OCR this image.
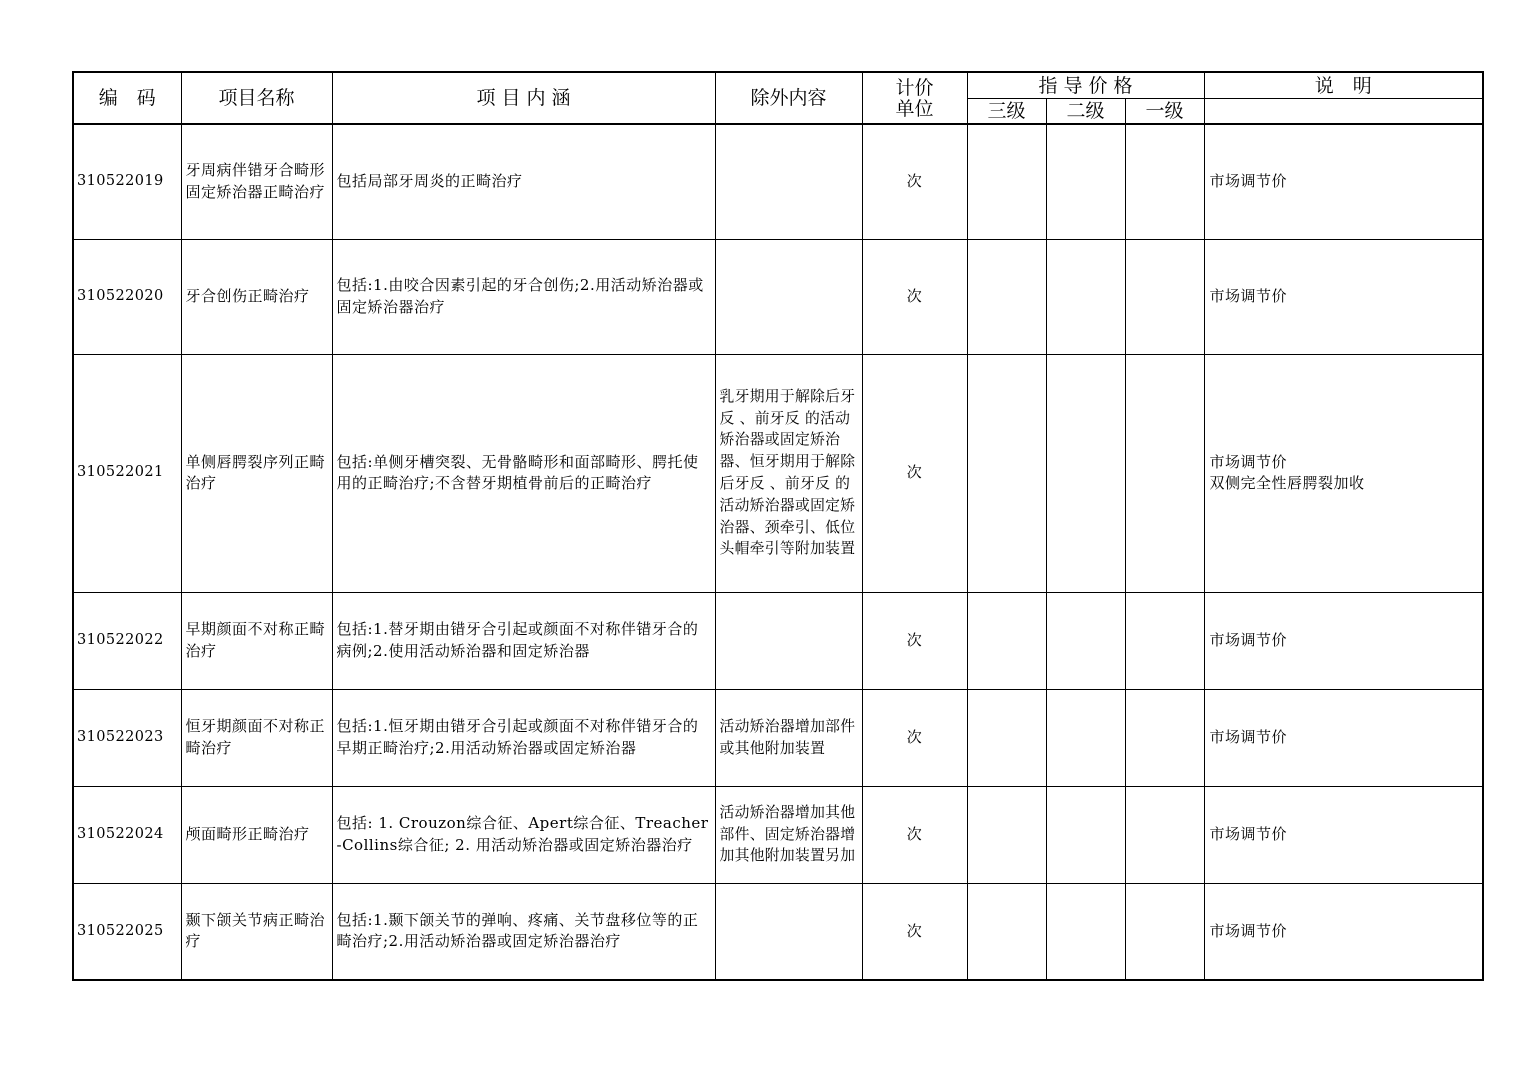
编　码	项目名称	项 目 内 涵	除外内容	计价	指 导 价 格			说　明
				单位	三级	二级	一级	
310522019	牙周病伴错牙合畸形固定矫治器正畸治疗	包括局部牙周炎的正畸治疗		次				市场调节价

310522020	牙合创伤正畸治疗	包括:1.由咬合因素引起的牙合创伤;2.用活动矫治器或固定矫治器治疗		次				市场调节价

310522021	单侧唇腭裂序列正畸治疗	包括:单侧牙槽突裂、无骨骼畸形和面部畸形、腭托使用的正畸治疗;不含替牙期植骨前后的正畸治疗	乳牙期用于解除后牙反 、前牙反 的活动矫治器或固定矫治器、恒牙期用于解除后牙反 、前牙反 的活动矫治器或固定矫治器、颈牵引、低位头帽牵引等附加装置	次				市场调节价
双侧完全性唇腭裂加收

310522022	早期颜面不对称正畸治疗	包括:1.替牙期由错牙合引起或颜面不对称伴错牙合的病例;2.使用活动矫治器和固定矫治器		次				市场调节价

310522023	恒牙期颜面不对称正畸治疗	包括:1.恒牙期由错牙合引起或颜面不对称伴错牙合的早期正畸治疗;2.用活动矫治器或固定矫治器	活动矫治器增加部件或其他附加装置	次				市场调节价

310522024	颅面畸形正畸治疗	包括: 1. Crouzon综合征、Apert综合征、Treacher-Collins综合征; 2. 用活动矫治器或固定矫治器治疗	活动矫治器增加其他部件、固定矫治器增加其他附加装置另加	次				市场调节价

310522025	颞下颌关节病正畸治疗	包括:1.颞下颌关节的弹响、疼痛、关节盘移位等的正畸治疗;2.用活动矫治器或固定矫治器治疗		次				市场调节价
